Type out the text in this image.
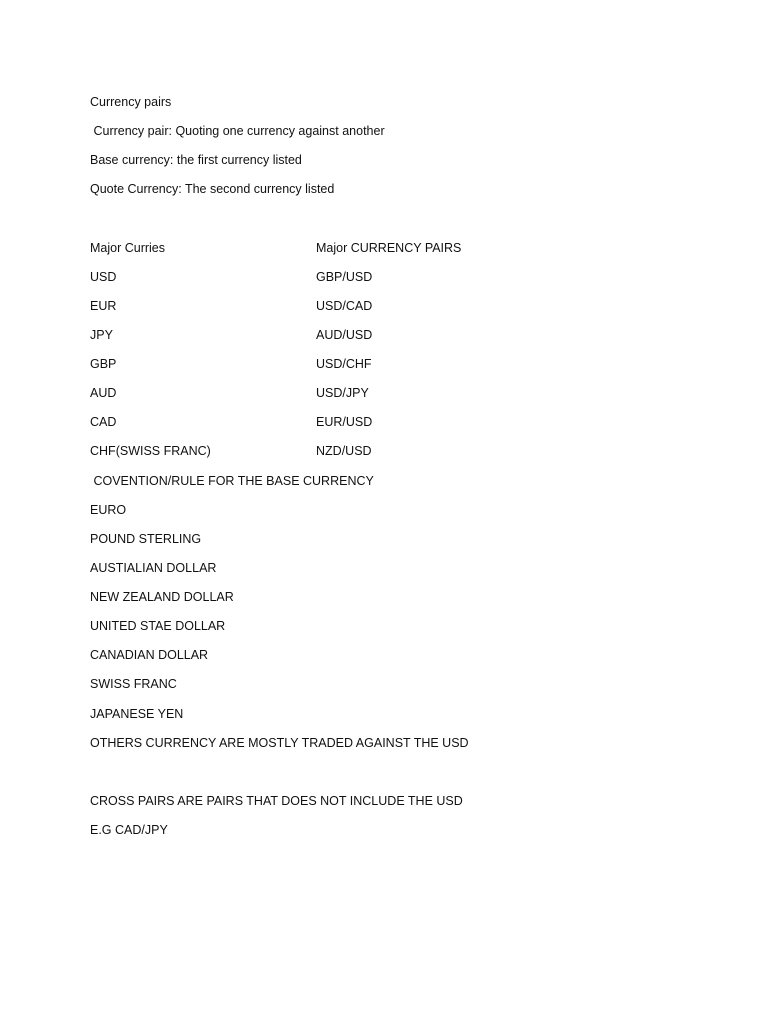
Currency pairs
Currency pair: Quoting one currency against another
Base currency: the first currency listed
Quote Currency: The second currency listed
Major Curries	Major CURRENCY PAIRS
USD	GBP/USD
EUR	USD/CAD
JPY	AUD/USD
GBP	USD/CHF
AUD	USD/JPY
CAD	EUR/USD
CHF(SWISS FRANC)	NZD/USD
COVENTION/RULE FOR THE BASE CURRENCY
EURO
POUND STERLING
AUSTIALIAN DOLLAR
NEW ZEALAND DOLLAR
UNITED STAE DOLLAR
CANADIAN DOLLAR
SWISS FRANC
JAPANESE YEN
OTHERS CURRENCY ARE MOSTLY TRADED AGAINST THE USD
CROSS PAIRS ARE PAIRS THAT DOES NOT INCLUDE THE USD
E.G CAD/JPY
